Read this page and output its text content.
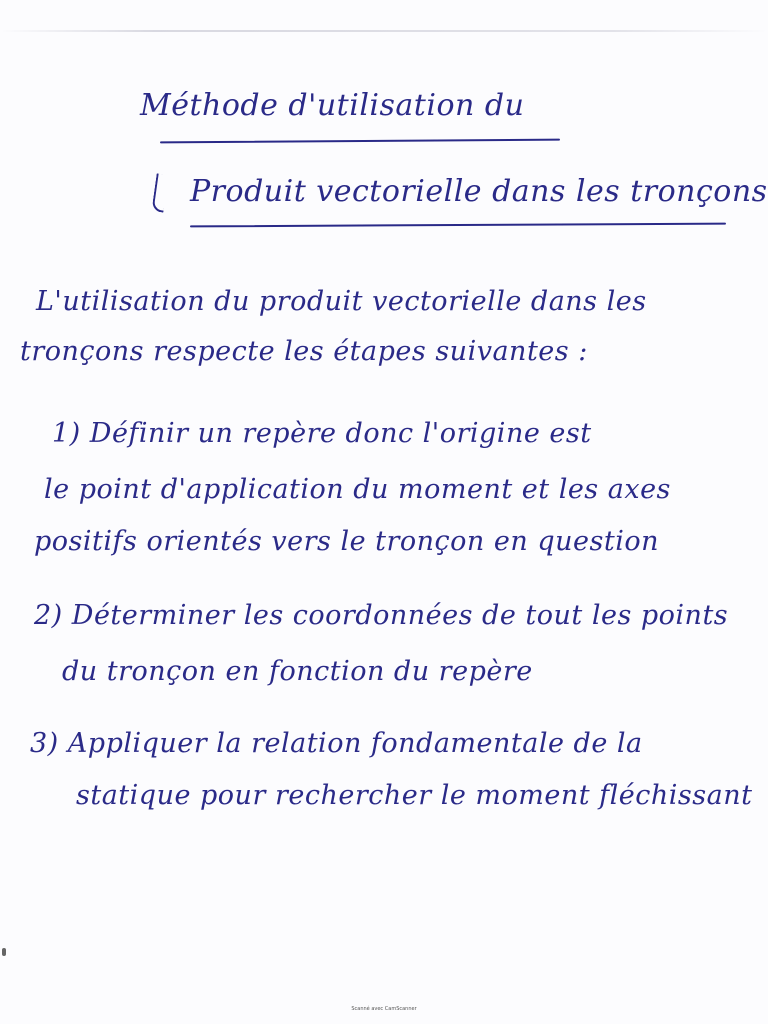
Méthode d'utilisation du
Produit vectorielle dans les tronçons
L'utilisation du produit vectorielle dans les
tronçons respecte les étapes suivantes :
1) Définir un repère donc l'origine est
le point d'application du moment et les axes
positifs orientés vers le tronçon en question
2) Déterminer les coordonnées de tout les points
du tronçon en fonction du repère
3) Appliquer la relation fondamentale de la
statique pour rechercher le moment fléchissant
Scanné avec CamScanner
